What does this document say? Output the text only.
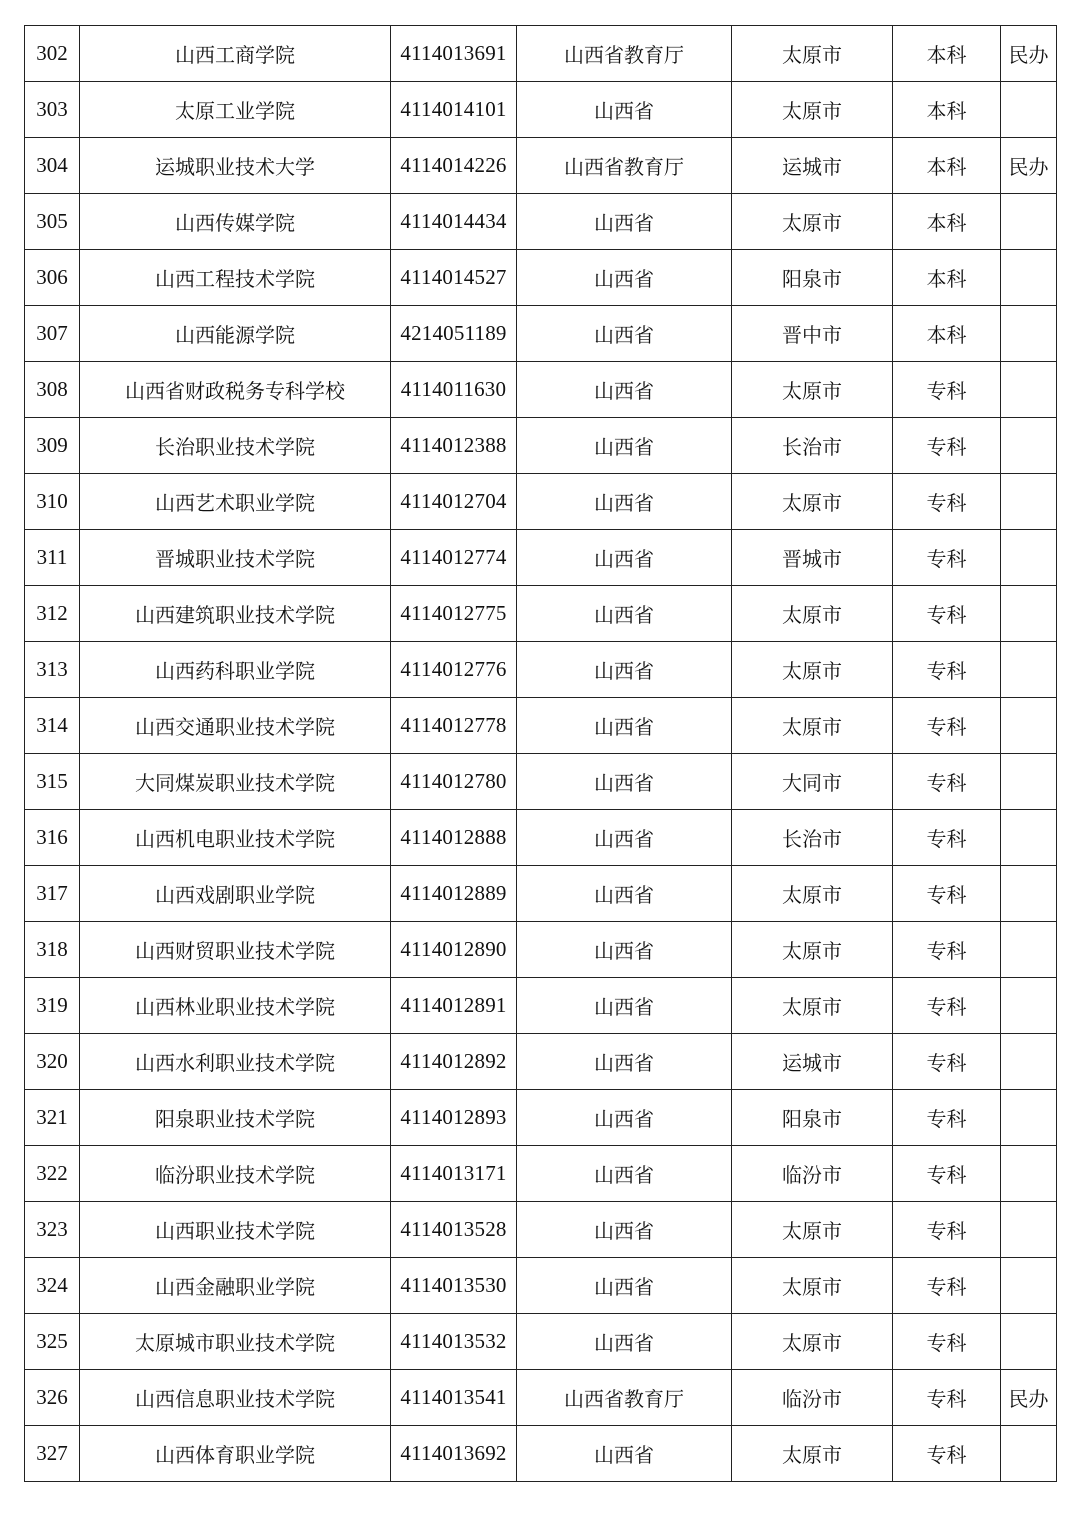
302	山西工商学院	4114013691	山西省教育厅	太原市	本科	民办
303	太原工业学院	4114014101	山西省	太原市	本科	
304	运城职业技术大学	4114014226	山西省教育厅	运城市	本科	民办
305	山西传媒学院	4114014434	山西省	太原市	本科	
306	山西工程技术学院	4114014527	山西省	阳泉市	本科	
307	山西能源学院	4214051189	山西省	晋中市	本科	
308	山西省财政税务专科学校	4114011630	山西省	太原市	专科	
309	长治职业技术学院	4114012388	山西省	长治市	专科	
310	山西艺术职业学院	4114012704	山西省	太原市	专科	
311	晋城职业技术学院	4114012774	山西省	晋城市	专科	
312	山西建筑职业技术学院	4114012775	山西省	太原市	专科	
313	山西药科职业学院	4114012776	山西省	太原市	专科	
314	山西交通职业技术学院	4114012778	山西省	太原市	专科	
315	大同煤炭职业技术学院	4114012780	山西省	大同市	专科	
316	山西机电职业技术学院	4114012888	山西省	长治市	专科	
317	山西戏剧职业学院	4114012889	山西省	太原市	专科	
318	山西财贸职业技术学院	4114012890	山西省	太原市	专科	
319	山西林业职业技术学院	4114012891	山西省	太原市	专科	
320	山西水利职业技术学院	4114012892	山西省	运城市	专科	
321	阳泉职业技术学院	4114012893	山西省	阳泉市	专科	
322	临汾职业技术学院	4114013171	山西省	临汾市	专科	
323	山西职业技术学院	4114013528	山西省	太原市	专科	
324	山西金融职业学院	4114013530	山西省	太原市	专科	
325	太原城市职业技术学院	4114013532	山西省	太原市	专科	
326	山西信息职业技术学院	4114013541	山西省教育厅	临汾市	专科	民办
327	山西体育职业学院	4114013692	山西省	太原市	专科	
